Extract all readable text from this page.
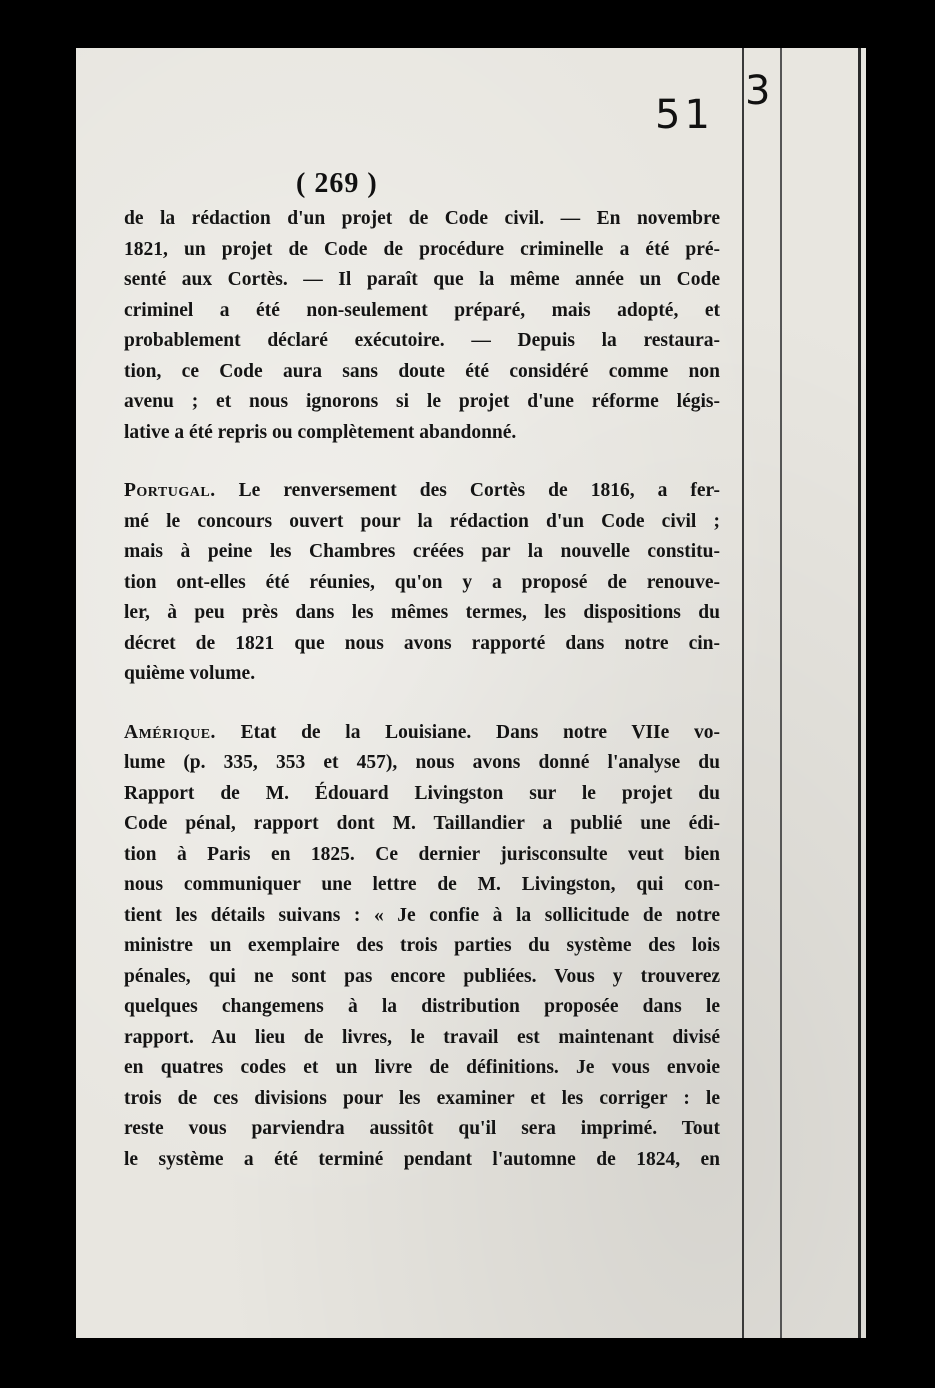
51
3
( 269 )

de la rédaction d'un projet de Code civil. — En novembre
1821, un projet de Code de procédure criminelle a été pré-
senté aux Cortès. — Il paraît que la même année un Code
criminel a été non-seulement préparé, mais adopté, et
probablement déclaré exécutoire. — Depuis la restaura-
tion, ce Code aura sans doute été considéré comme non
avenu ; et nous ignorons si le projet d'une réforme légis-
lative a été repris ou complètement abandonné.

Portugal. Le renversement des Cortès de 1816, a fer-
mé le concours ouvert pour la rédaction d'un Code civil ;
mais à peine les Chambres créées par la nouvelle constitu-
tion ont-elles été réunies, qu'on y a proposé de renouve-
ler, à peu près dans les mêmes termes, les dispositions du
décret de 1821 que nous avons rapporté dans notre cin-
quième volume.

Amérique. Etat de la Louisiane. Dans notre VIIe vo-
lume (p. 335, 353 et 457), nous avons donné l'analyse du
Rapport de M. Édouard Livingston sur le projet du
Code pénal, rapport dont M. Taillandier a publié une édi-
tion à Paris en 1825. Ce dernier jurisconsulte veut bien
nous communiquer une lettre de M. Livingston, qui con-
tient les détails suivans : « Je confie à la sollicitude de notre
ministre un exemplaire des trois parties du système des lois
pénales, qui ne sont pas encore publiées. Vous y trouverez
quelques changemens à la distribution proposée dans le
rapport. Au lieu de livres, le travail est maintenant divisé
en quatres codes et un livre de définitions. Je vous envoie
trois de ces divisions pour les examiner et les corriger : le
reste vous parviendra aussitôt qu'il sera imprimé. Tout
le système a été terminé pendant l'automne de 1824, en
